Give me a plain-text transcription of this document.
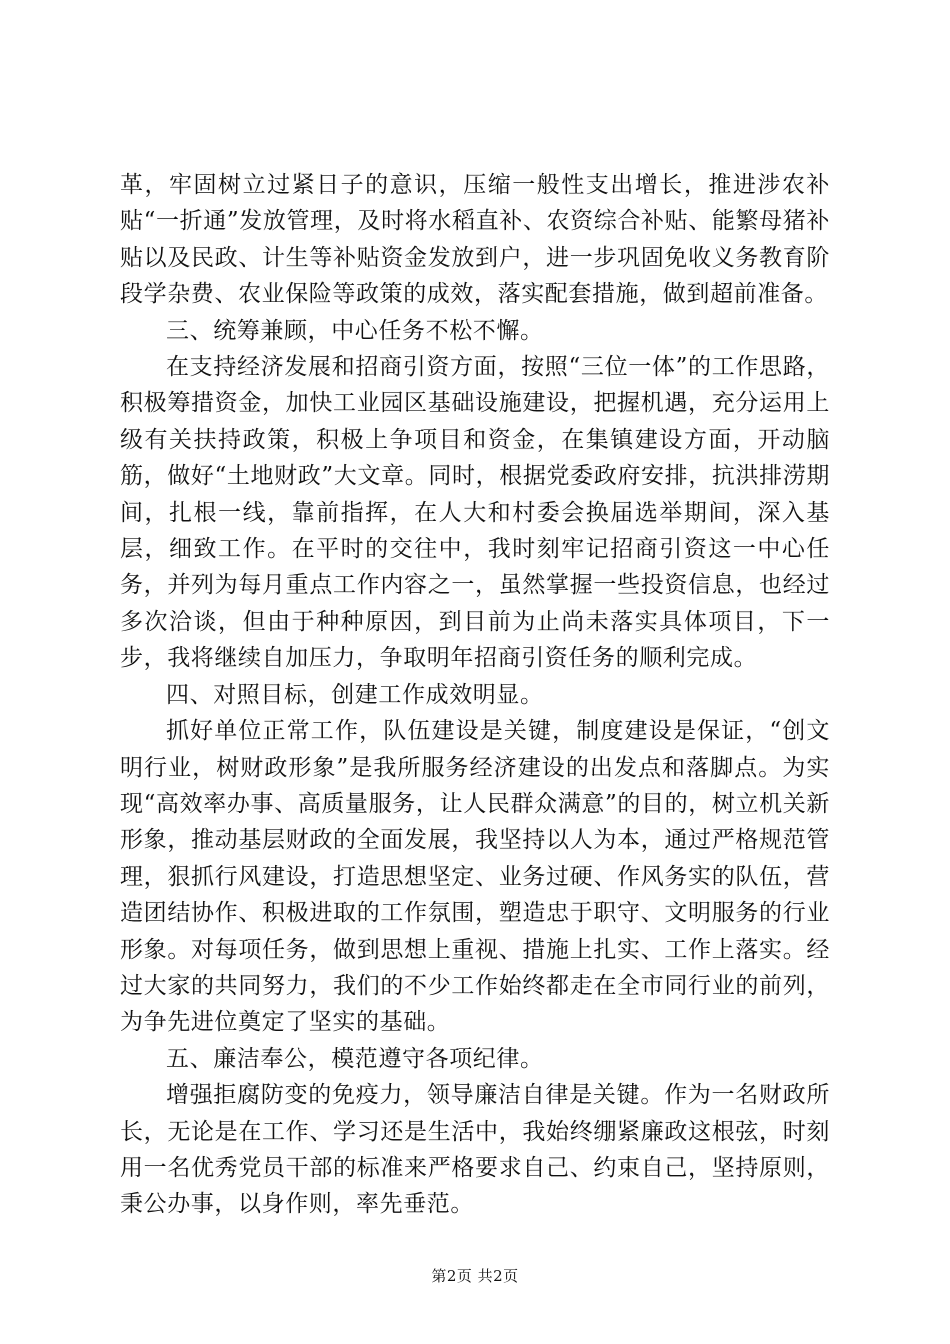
革，牢固树立过紧日子的意识，压缩一般性支出增长，推进涉农补贴“一折通”发放管理，及时将水稻直补、农资综合补贴、能繁母猪补贴以及民政、计生等补贴资金发放到户，进一步巩固免收义务教育阶段学杂费、农业保险等政策的成效，落实配套措施，做到超前准备。

三、统筹兼顾，中心任务不松不懈。

在支持经济发展和招商引资方面，按照“三位一体”的工作思路，积极筹措资金，加快工业园区基础设施建设，把握机遇，充分运用上级有关扶持政策，积极上争项目和资金，在集镇建设方面，开动脑筋，做好“土地财政”大文章。同时，根据党委政府安排，抗洪排涝期间，扎根一线，靠前指挥，在人大和村委会换届选举期间，深入基层，细致工作。在平时的交往中，我时刻牢记招商引资这一中心任务，并列为每月重点工作内容之一，虽然掌握一些投资信息，也经过多次洽谈，但由于种种原因，到目前为止尚未落实具体项目，下一步，我将继续自加压力，争取明年招商引资任务的顺利完成。

四、对照目标，创建工作成效明显。

抓好单位正常工作，队伍建设是关键，制度建设是保证，“创文明行业，树财政形象”是我所服务经济建设的出发点和落脚点。为实现“高效率办事、高质量服务，让人民群众满意”的目的，树立机关新形象，推动基层财政的全面发展，我坚持以人为本，通过严格规范管理，狠抓行风建设，打造思想坚定、业务过硬、作风务实的队伍，营造团结协作、积极进取的工作氛围，塑造忠于职守、文明服务的行业形象。对每项任务，做到思想上重视、措施上扎实、工作上落实。经过大家的共同努力，我们的不少工作始终都走在全市同行业的前列，为争先进位奠定了坚实的基础。

五、廉洁奉公，模范遵守各项纪律。

增强拒腐防变的免疫力，领导廉洁自律是关键。作为一名财政所长，无论是在工作、学习还是生活中，我始终绷紧廉政这根弦，时刻用一名优秀党员干部的标准来严格要求自己、约束自己，坚持原则，秉公办事，以身作则，率先垂范。

第2页 共2页
